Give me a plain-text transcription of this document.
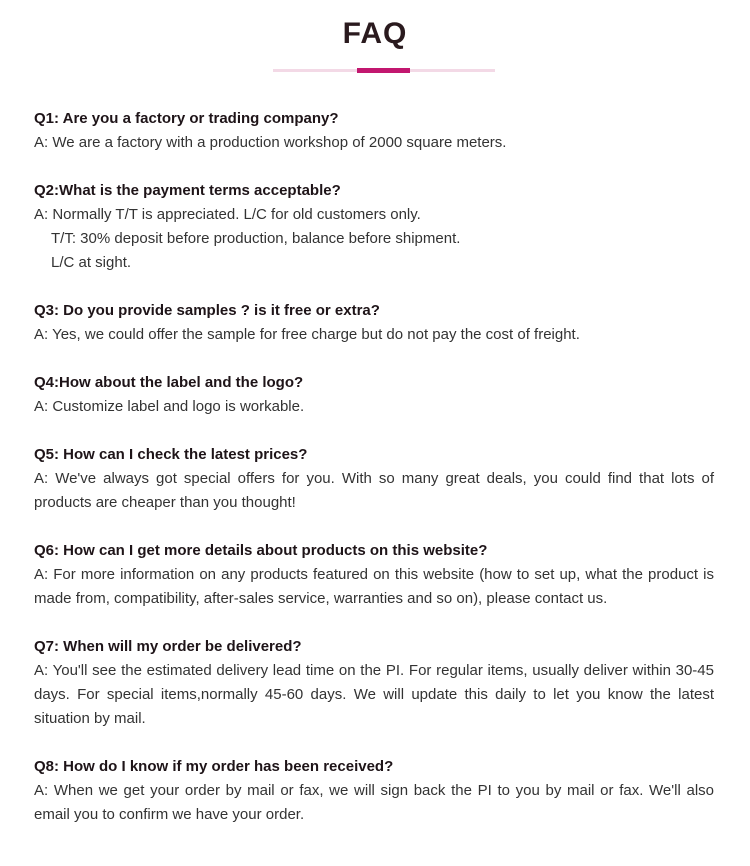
FAQ
Q1: Are you a factory or trading company?
A: We are a factory with a production workshop of 2000 square meters.
Q2:What is the payment terms acceptable?
A: Normally T/T is appreciated. L/C for old customers only.
T/T: 30% deposit before production, balance before shipment.
L/C at sight.
Q3: Do you provide samples ? is it free or extra?
A: Yes, we could offer the sample for free charge but do not pay the cost of freight.
Q4:How about the label and the logo?
A: Customize label and logo is workable.
Q5: How can I check the latest prices?
A: We've always got special offers for you. With so many great deals, you could find that lots of products are cheaper than you thought!
Q6: How can I get more details about products on this website?
A: For more information on any products featured on this website (how to set up, what the product is made from, compatibility, after-sales service, warranties and so on), please contact us.
Q7: When will my order be delivered?
A: You'll see the estimated delivery lead time on the PI. For regular items, usually deliver within 30-45 days. For special items,normally 45-60 days. We will update this daily to let you know the latest situation by mail.
Q8: How do I know if my order has been received?
A: When we get your order by mail or fax, we will sign back the PI to you by mail or fax. We'll also email you to confirm we have your order.
